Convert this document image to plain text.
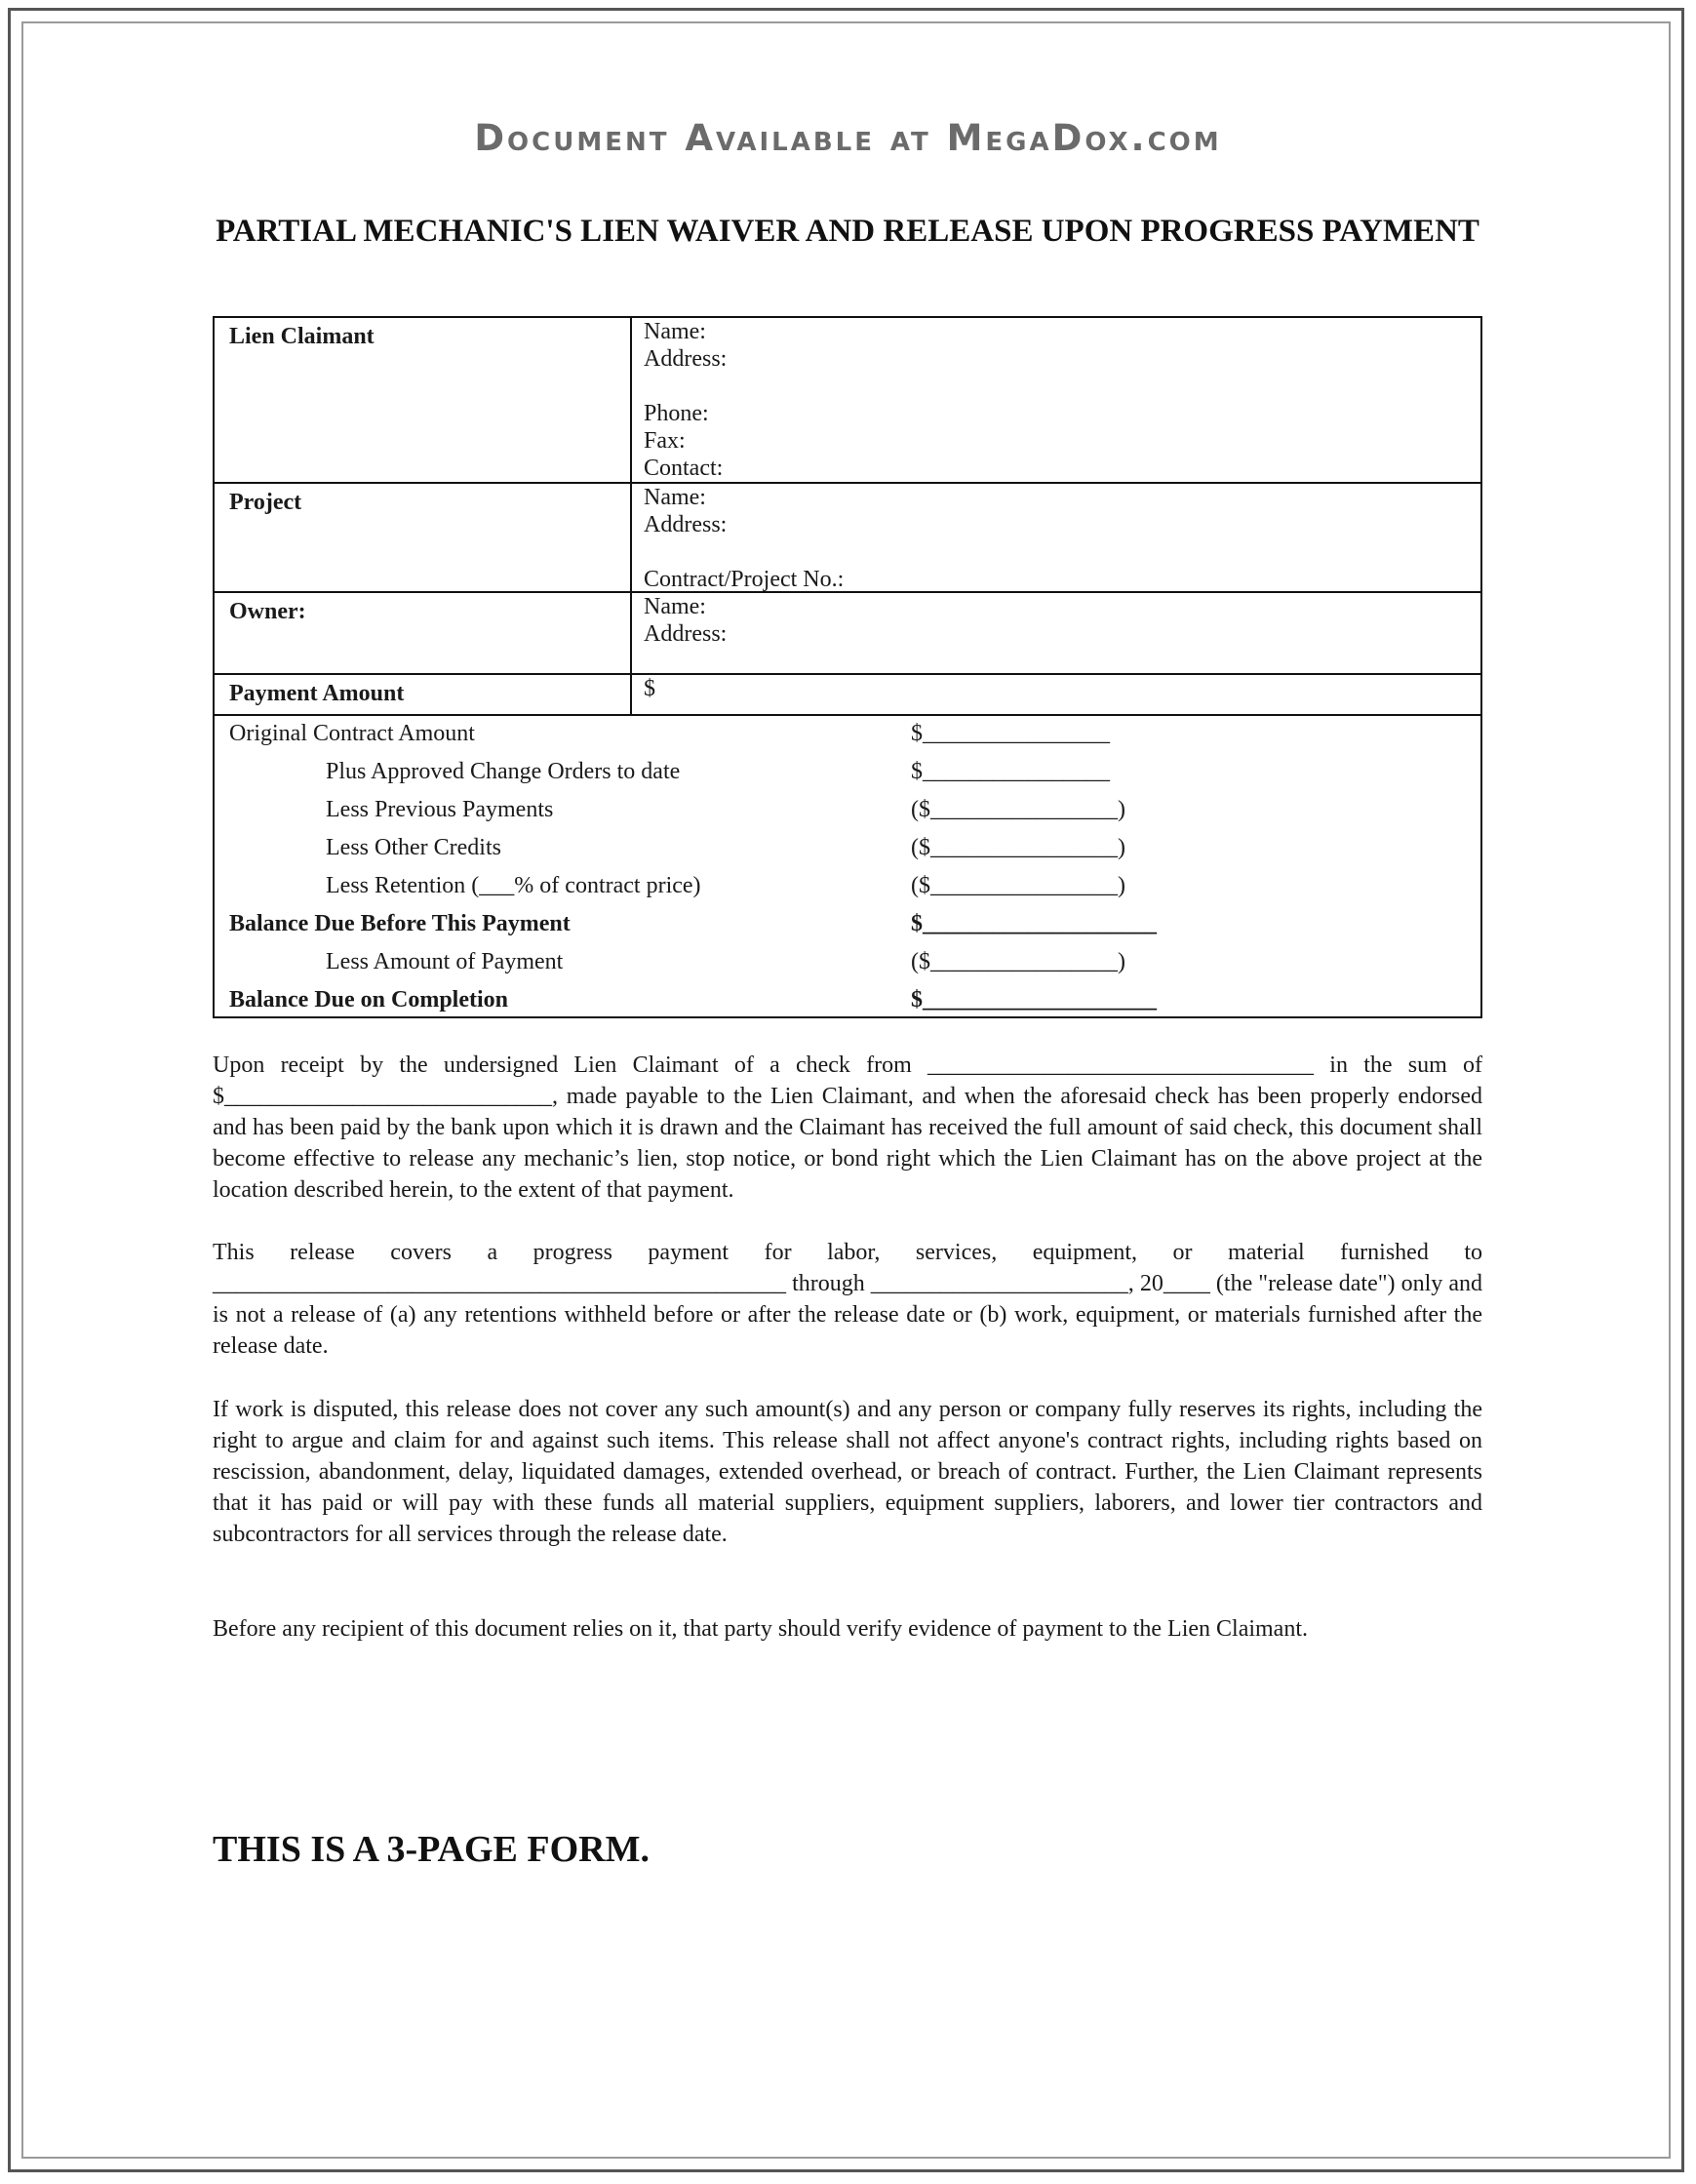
Document Available at MegaDox.com
PARTIAL MECHANIC'S LIEN WAIVER AND RELEASE UPON PROGRESS PAYMENT
Lien Claimant	Name:
Address:
Phone:
Fax:
Contact:
Project	Name:
Address:
Contract/Project No.:
Owner:	Name:
Address:
Payment Amount	$
Original Contract Amount	$________________
Plus Approved Change Orders to date	$________________
Less Previous Payments	($________________)
Less Other Credits	($________________)
Less Retention (___% of contract price)	($________________)
Balance Due Before This Payment	$____________________
Less Amount of Payment	($________________)
Balance Due on Completion	$____________________
Upon receipt by the undersigned Lien Claimant of a check from _________________________________ in the sum of $____________________________, made payable to the Lien Claimant, and when the aforesaid check has been properly endorsed and has been paid by the bank upon which it is drawn and the Claimant has received the full amount of said check, this document shall become effective to release any mechanic’s lien, stop notice, or bond right which the Lien Claimant has on the above project at the location described herein, to the extent of that payment.
This release covers a progress payment for labor, services, equipment, or material furnished to _________________________________________________ through ______________________, 20____ (the "release date") only and is not a release of (a) any retentions withheld before or after the release date or (b) work, equipment, or materials furnished after the release date.
If work is disputed, this release does not cover any such amount(s) and any person or company fully reserves its rights, including the right to argue and claim for and against such items. This release shall not affect anyone's contract rights, including rights based on rescission, abandonment, delay, liquidated damages, extended overhead, or breach of contract. Further, the Lien Claimant represents that it has paid or will pay with these funds all material suppliers, equipment suppliers, laborers, and lower tier contractors and subcontractors for all services through the release date.
Before any recipient of this document relies on it, that party should verify evidence of payment to the Lien Claimant.
THIS IS A 3-PAGE FORM.
